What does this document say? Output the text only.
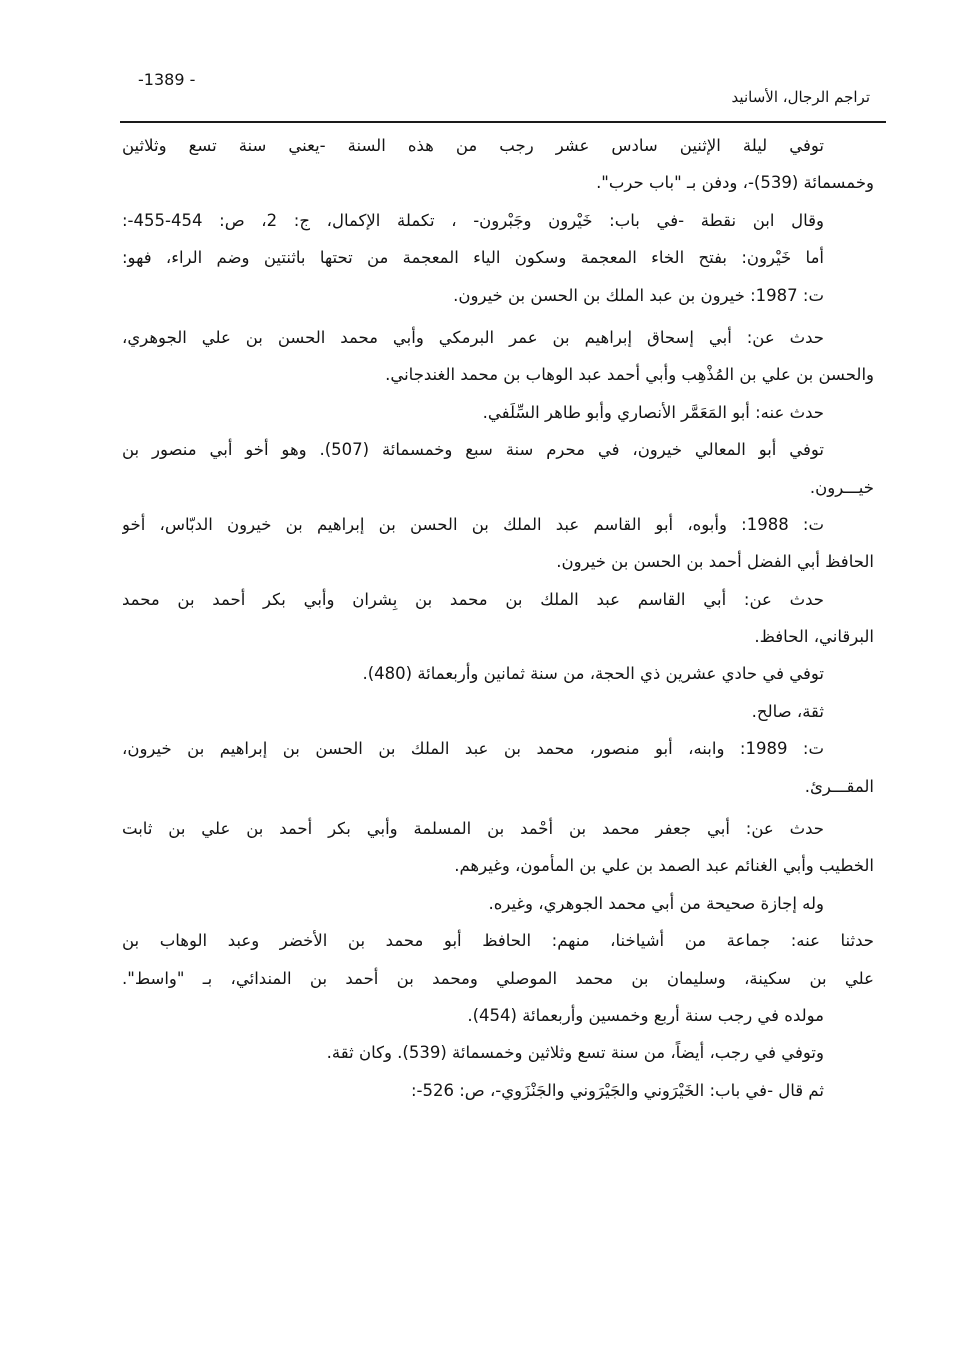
-1389 -
تراجم الرجال، الأسانيد
توفي ليلة الإثنين سادس عشر رجب من هذه السنة -يعني سنة تسع وثلاثين
وخمسمائة (539)-، ودفن بـ "باب حرب".
وقال ابن نقطة -في باب: خَيْرون وجَبْرون- ، تكملة الإكمال، ج: 2، ص: 454-455-:
أما خَيْرون: بفتح الخاء المعجمة وسكون الياء المعجمة من تحتها باثنتين وضم الراء، فهو:
ت: 1987: خيرون بن عبد الملك بن الحسن بن خيرون.
حدث عن: أبي إسحاق إبراهيم بن عمر البرمكي وأبي محمد الحسن بن علي الجوهري،
والحسن بن علي بن المُذْهِب وأبي أحمد عبد الوهاب بن محمد الغندجاني.
حدث عنه: أبو المَعَمَّر الأنصاري وأبو طاهر السِّلَفي.
توفي أبو المعالي خيرون، في محرم سنة سبع وخمسمائة (507). وهو أخو أبي منصور بن
خيـــرون.
ت: 1988: وأبوه، أبو القاسم عبد الملك بن الحسن بن إبراهيم بن خيرون الدبّاس، أخو
الحافظ أبي الفضل أحمد بن الحسن بن خيرون.
حدث عن: أبي القاسم عبد الملك بن محمد بن بِشران وأبي بكر أحمد بن محمد
البرقاني، الحافظ.
توفي في حادي عشرين ذي الحجة، من سنة ثمانين وأربعمائة (480).
ثقة، صالح.
ت: 1989: وابنه، أبو منصور، محمد بن عبد الملك بن الحسن بن إبراهيم بن خيرون،
المقـــرئ.
حدث عن: أبي جعفر محمد بن أحْمد بن المسلمة وأبي بكر أحمد بن علي بن ثابت
الخطيب وأبي الغنائم عبد الصمد بن علي بن المأمون، وغيرهم.
وله إجازة صحيحة من أبي محمد الجوهري، وغيره.
حدثنا عنه: جماعة من أشياخنا، منهم: الحافظ أبو محمد بن الأخضر وعبد الوهاب بن
علي بن سكينة، وسليمان بن محمد الموصلي ومحمد بن أحمد بن المندائي، بـ "واسط".
مولده في رجب سنة أربع وخمسين وأربعمائة (454).
وتوفي في رجب، أيضاً، من سنة تسع وثلاثين وخمسمائة (539). وكان ثقة.
ثم قال -في باب: الخَيْرَوني والجَيْرَوني والجَنْزَوي-، ص: 526-:
